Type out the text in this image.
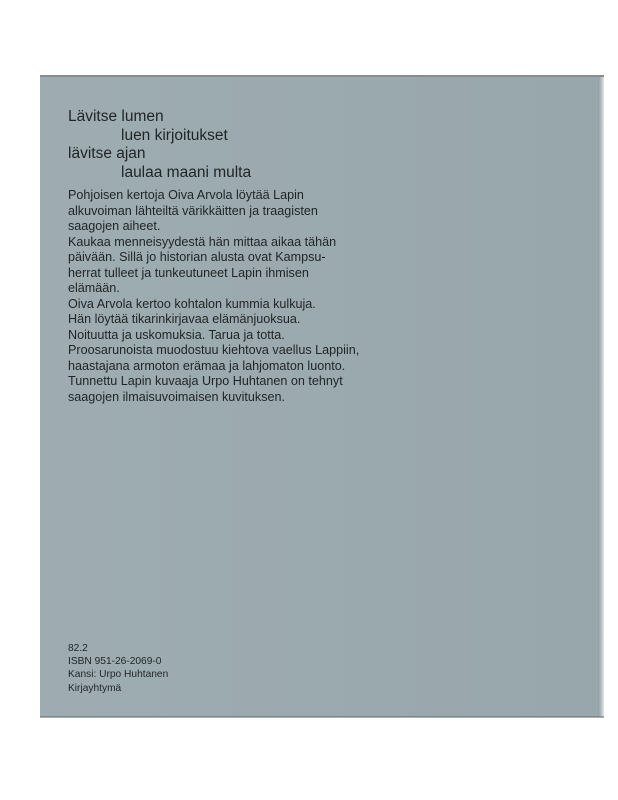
Lävitse lumen
luen kirjoitukset
lävitse ajan
laulaa maani multa

Pohjoisen kertoja Oiva Arvola löytää Lapin

alkuvoiman lähteiltä värikkäitten ja traagisten

saagojen aiheet.

Kaukaa menneisyydestä hän mittaa aikaa tähän

päivään. Sillä jo historian alusta ovat Kampsu-

herrat tulleet ja tunkeutuneet Lapin ihmisen

elämään.

Oiva Arvola kertoo kohtalon kummia kulkuja.

Hän löytää tikarinkirjavaa elämänjuoksua.

Noituutta ja uskomuksia. Tarua ja totta.

Proosarunoista muodostuu kiehtova vaellus Lappiin,

haastajana armoton erämaa ja lahjomaton luonto.

Tunnettu Lapin kuvaaja Urpo Huhtanen on tehnyt

saagojen ilmaisuvoimaisen kuvituksen.

82.2
ISBN 951-26-2069-0
Kansi: Urpo Huhtanen
Kirjayhtymä
